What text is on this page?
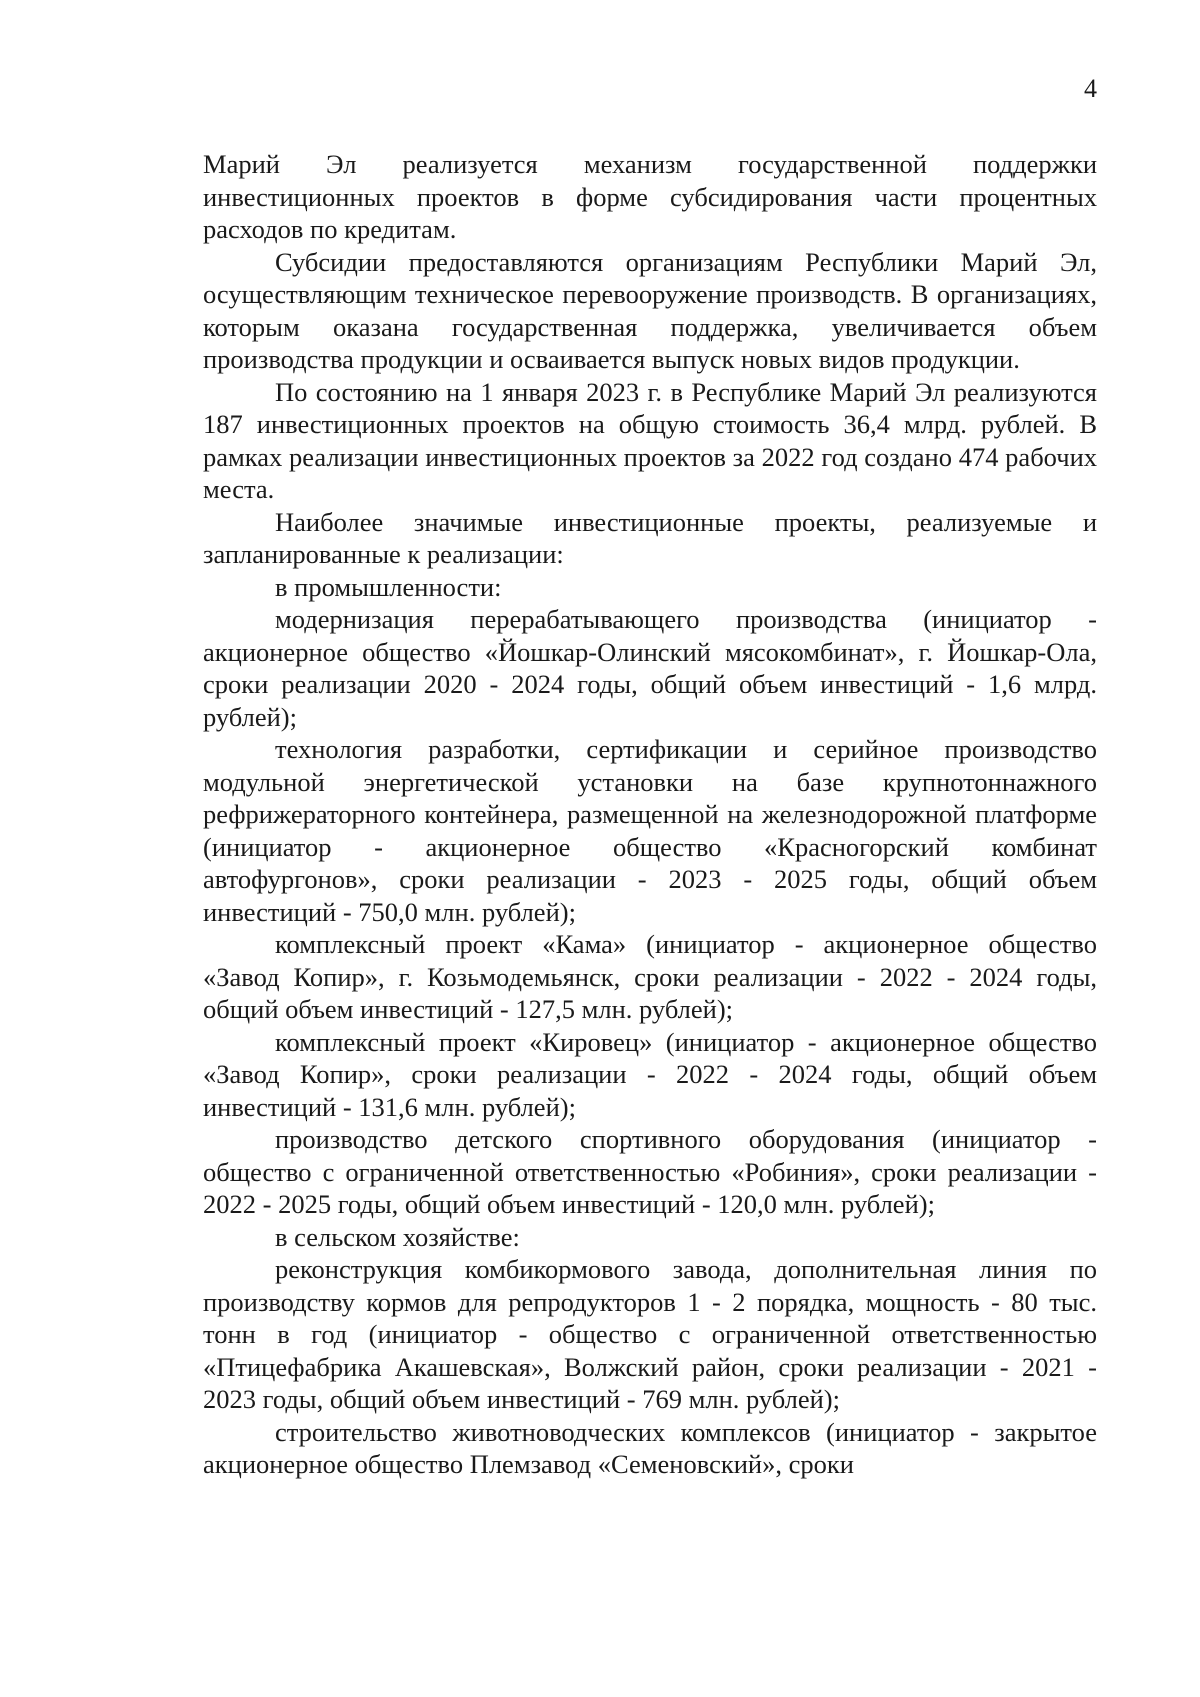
4

Марий Эл реализуется механизм государственной поддержки инвестиционных проектов в форме субсидирования части процентных расходов по кредитам.

Субсидии предоставляются организациям Республики Марий Эл, осуществляющим техническое перевооружение производств. В организациях, которым оказана государственная поддержка, увеличивается объем производства продукции и осваивается выпуск новых видов продукции.

По состоянию на 1 января 2023 г. в Республике Марий Эл реализуются 187 инвестиционных проектов на общую стоимость 36,4 млрд. рублей. В рамках реализации инвестиционных проектов за 2022 год создано 474 рабочих места.

Наиболее значимые инвестиционные проекты, реализуемые и запланированные к реализации:

в промышленности:

модернизация перерабатывающего производства (инициатор - акционерное общество «Йошкар-Олинский мясокомбинат», г. Йошкар-Ола, сроки реализации 2020 - 2024 годы, общий объем инвестиций - 1,6 млрд. рублей);

технология разработки, сертификации и серийное производство модульной энергетической установки на базе крупнотоннажного рефрижераторного контейнера, размещенной на железнодорожной платформе (инициатор - акционерное общество «Красногорский комбинат автофургонов», сроки реализации - 2023 - 2025 годы, общий объем инвестиций - 750,0 млн. рублей);

комплексный проект «Кама» (инициатор - акционерное общество «Завод Копир», г. Козьмодемьянск, сроки реализации - 2022 - 2024 годы, общий объем инвестиций - 127,5 млн. рублей);

комплексный проект «Кировец» (инициатор - акционерное общество «Завод Копир», сроки реализации - 2022 - 2024 годы, общий объем инвестиций - 131,6 млн. рублей);

производство детского спортивного оборудования (инициатор - общество с ограниченной ответственностью «Робиния», сроки реализации - 2022 - 2025 годы, общий объем инвестиций - 120,0 млн. рублей);

в сельском хозяйстве:

реконструкция комбикормового завода, дополнительная линия по производству кормов для репродукторов 1 - 2 порядка, мощность - 80 тыс. тонн в год (инициатор - общество с ограниченной ответственностью «Птицефабрика Акашевская», Волжский район, сроки реализации - 2021 - 2023 годы, общий объем инвестиций - 769 млн. рублей);

строительство животноводческих комплексов (инициатор - закрытое акционерное общество Племзавод «Семеновский», сроки
